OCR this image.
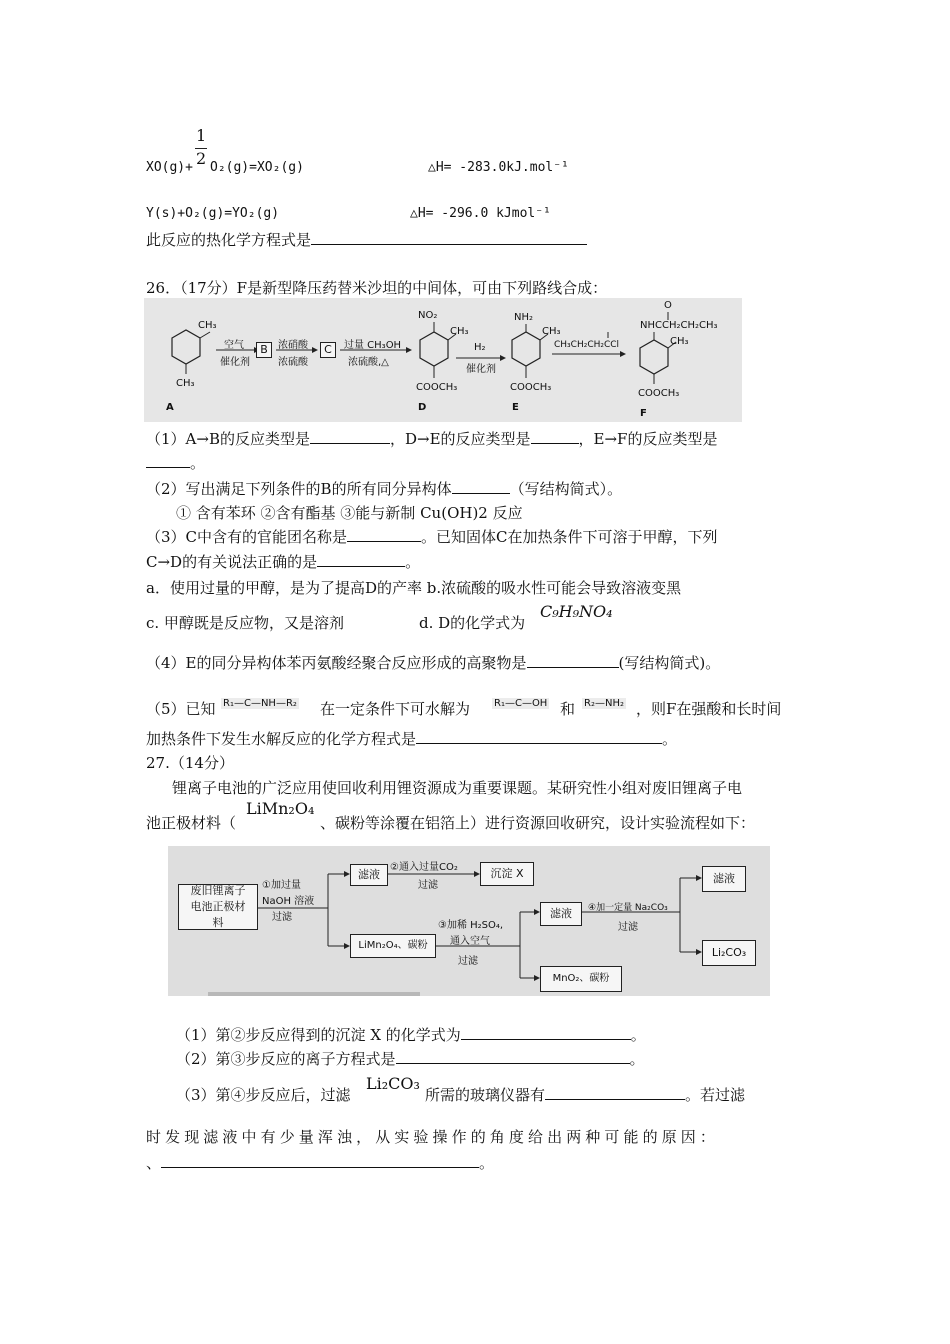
1
2
XO(g)+ O₂(g)=XO₂(g)	△H= -283.0kJ.mol⁻¹
Y(s)+O₂(g)=YO₂(g)	△H= -296.0 kJmol⁻¹
此反应的热化学方程式是
26．（17分）F是新型降压药替米沙坦的中间体，可由下列路线合成：
CH₃
CH₃
A
空气
催化剂
B 浓硝酸
浓硫酸
C 过量 CH₃OH
浓硫酸,△
NO₂
CH₃
COOCH₃
D
H₂
催化剂
NH₂
CH₃
COOCH₃
E
CH₃CH₂CH₂CCl
O
NHCCH₂CH₂CH₃
CH₃
COOCH₃
F
（1）A→B的反应类型是	，D→E的反应类型是	，E→F的反应类型是
。
（2）写出满足下列条件的B的所有同分异构体	（写结构简式）。
① 含有苯环 ②含有酯基 ③能与新制 Cu(OH)2 反应
（3）C中含有的官能团名称是	。已知固体C在加热条件下可溶于甲醇，下列
C→D的有关说法正确的是	。
a．使用过量的甲醇，是为了提高D的产率 b.浓硫酸的吸水性可能会导致溶液变黑
c. 甲醇既是反应物，又是溶剂	d. D的化学式为
C₉H₉NO₄
（4）E的同分异构体苯丙氨酸经聚合反应形成的高聚物是	(写结构简式)。
（5）已知 R₁—C—NH—R₂ 在一定条件下可水解为 R₁—C—OH 和 R₂—NH₂ ，则F在强酸和长时间
加热条件下发生水解反应的化学方程式是	。
27.（14分）
锂离子电池的广泛应用使回收利用锂资源成为重要课题。某研究性小组对废旧锂离子电
池正极材料（
LiMn₂O₄
、碳粉等涂覆在铝箔上）进行资源回收研究，设计实验流程如下：
废旧锂离子电池正极材料
①加过量
NaOH 溶液
过滤
滤液
②通入过量CO₂
过滤
沉淀 X
LiMn₂O₄、碳粉
③加稀 H₂SO₄,
通入空气
过滤
滤液 ④加一定量 Na₂CO₃
过滤
滤液
Li₂CO₃
MnO₂、碳粉
（1）第②步反应得到的沉淀 X 的化学式为	。
（2）第③步反应的离子方程式是	。
（3）第④步反应后，过滤
Li₂CO₃
所需的玻璃仪器有	。若过滤
时发现滤液中有少量浑浊，从实验操作的角度给出两种可能的原因：
、	。
